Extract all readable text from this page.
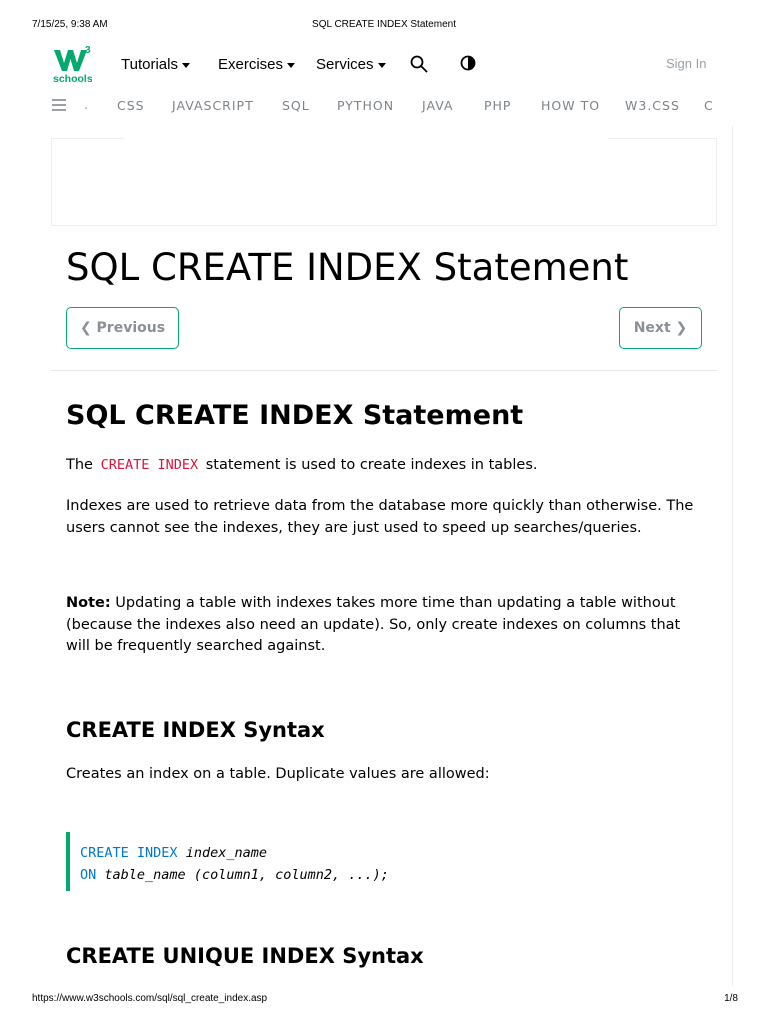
7/15/25, 9:38 AM	SQL CREATE INDEX Statement
3
schools
Tutorials	Exercises Services	Sign In
. CSS JAVASCRIPT SQL PYTHON JAVA PHP HOW TO W3.CSS C
SQL CREATE INDEX Statement
❮ Previous	Next ❯
SQL CREATE INDEX Statement

The CREATE INDEX statement is used to create indexes in tables.

Indexes are used to retrieve data from the database more quickly than otherwise. The users cannot see the indexes, they are just used to speed up searches/queries.

Note: Updating a table with indexes takes more time than updating a table without (because the indexes also need an update). So, only create indexes on columns that will be frequently searched against.

CREATE INDEX Syntax

Creates an index on a table. Duplicate values are allowed:

CREATE INDEX index_name
ON table_name (column1, column2, ...);
CREATE UNIQUE INDEX Syntax
https://www.w3schools.com/sql/sql_create_index.asp	1/8
